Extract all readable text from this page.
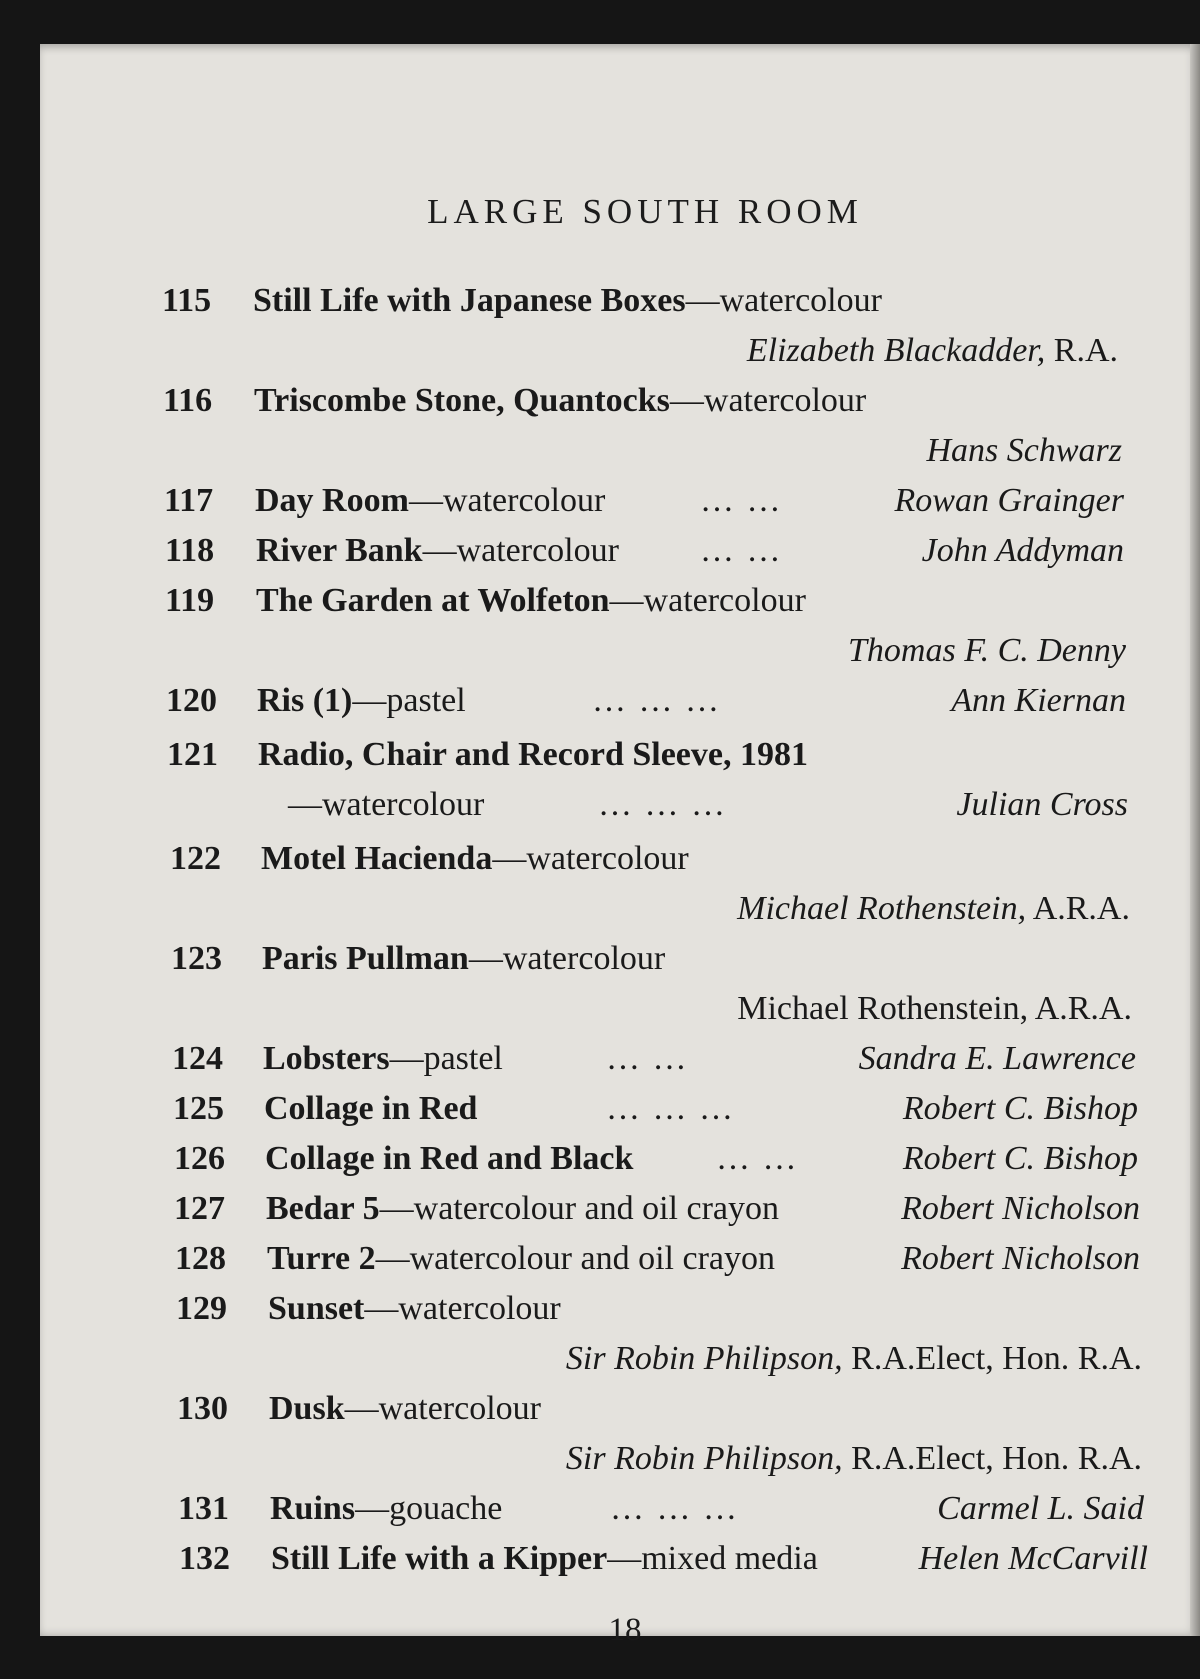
LARGE SOUTH ROOM
115 Still Life with Japanese Boxes—watercolour
Elizabeth Blackadder, R.A.
116 Triscombe Stone, Quantocks—watercolour
Hans Schwarz
117 Day Room—watercolour	… …	Rowan Grainger
118 River Bank—watercolour … …	John Addyman
119 The Garden at Wolfeton—watercolour
Thomas F. C. Denny
120 Ris (1)—pastel	… … …	Ann Kiernan
121 Radio, Chair and Record Sleeve, 1981
—watercolour	… … …	Julian Cross
122 Motel Hacienda—watercolour
Michael Rothenstein, A.R.A.
123 Paris Pullman—watercolour
Michael Rothenstein, A.R.A.
124 Lobsters—pastel	… …	Sandra E. Lawrence
125 Collage in Red	… … …	Robert C. Bishop
126 Collage in Red and Black … …	Robert C. Bishop
127 Bedar 5—watercolour and oil crayon	Robert Nicholson
128 Turre 2—watercolour and oil crayon	Robert Nicholson
129 Sunset—watercolour
Sir Robin Philipson, R.A.Elect, Hon. R.A.
130 Dusk—watercolour
Sir Robin Philipson, R.A.Elect, Hon. R.A.
131 Ruins—gouache	… … …	Carmel L. Said
132 Still Life with a Kipper—mixed media	Helen McCarvill
18
